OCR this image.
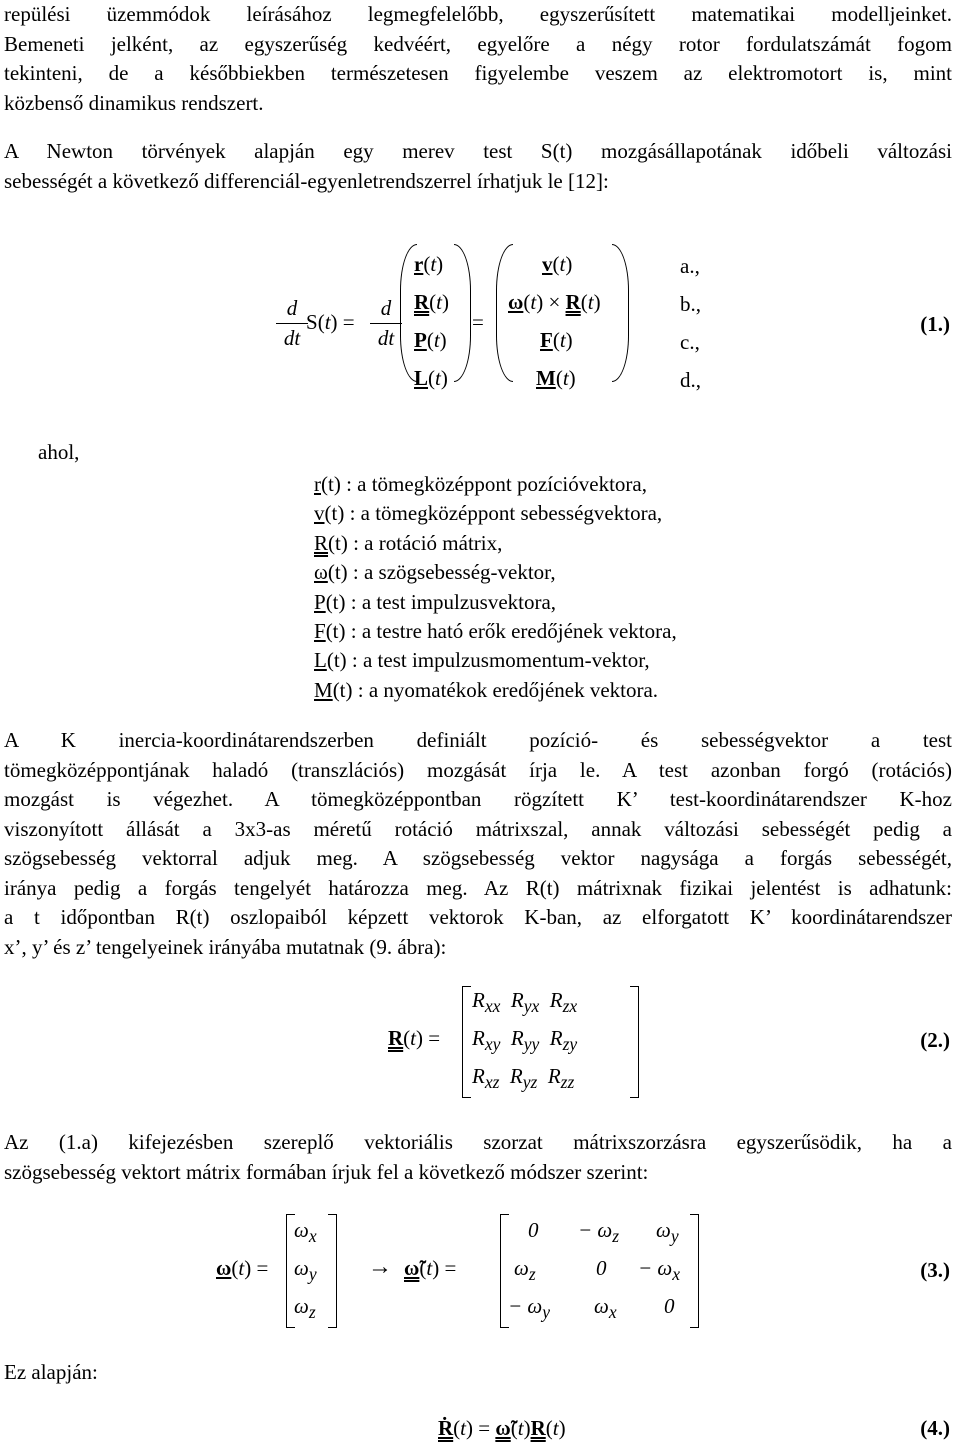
repülési üzemmódok leírásához legmegfelelőbb, egyszerűsített matematikai modelljeinket.
Bemeneti jelként, az egyszerűség kedvéért, egyelőre a négy rotor fordulatszámát fogom
tekinteni, de a későbbiekben természetesen figyelembe veszem az elektromotort is, mint
közbenső dinamikus rendszert.
A Newton törvények alapján egy merev test S(t) mozgásállapotának időbeli változási
sebességét a következő differenciál-egyenletrendszerrel írhatjuk le [12]:
d
dt
S(t) =
d
dt
r(t)
R(t)
P(t)
L(t)
=
v(t)
ω(t) × R(t)
F(t)
M(t)
a.,
b.,
c.,
d.,
(1.)
ahol,
r(t) : a tömegközéppont pozícióvektora,
v(t) : a tömegközéppont sebességvektora,
R(t) : a rotáció mátrix,
ω(t) : a szögsebesség-vektor,
P(t) : a test impulzusvektora,
F(t) : a testre ható erők eredőjének vektora,
L(t) : a test impulzusmomentum-vektor,
M(t) : a nyomatékok eredőjének vektora.
A K inercia-koordinátarendszerben definiált pozíció- és sebességvektor a test
tömegközéppontjának haladó (transzlációs) mozgását írja le. A test azonban forgó (rotációs)
mozgást is végezhet. A tömegközéppontban rögzített K’ test-koordinátarendszer K-hoz
viszonyított állását a 3x3-as méretű rotáció mátrixszal, annak változási sebességét pedig a
szögsebesség vektorral adjuk meg. A szögsebesség vektor nagysága a forgás sebességét,
iránya pedig a forgás tengelyét határozza meg. Az R(t) mátrixnak fizikai jelentést is adhatunk:
a t időpontban R(t) oszlopaiból képzett vektorok K-ban, az elforgatott K’ koordinátarendszer
x’, y’ és z’ tengelyeinek irányába mutatnak (9. ábra):
R(t) =
$R_{xx}$ $R_{yx}$ $R_{zx}$
$R_{xy}$ $R_{yy}$ $R_{zy}$
$R_{xz}$ $R_{yz}$ $R_{zz}$
(2.)
Az (1.a) kifejezésben szereplő vektoriális szorzat mátrixszorzásra egyszerűsödik, ha a
szögsebesség vektort mátrix formában írjuk fel a következő módszer szerint:
ω(t) =
$\omega_x$
$\omega_y$
$\omega_z$
→ ω̃(t) =
$0 - \omega_z$ $\omega_y$
$\omega_z$	$0 - \omega_x$
− $\omega_y$ $\omega_x$ 0
(3.)
Ez alapján:
Ṙ(t) = ω̃(t)R(t)	(4.)
